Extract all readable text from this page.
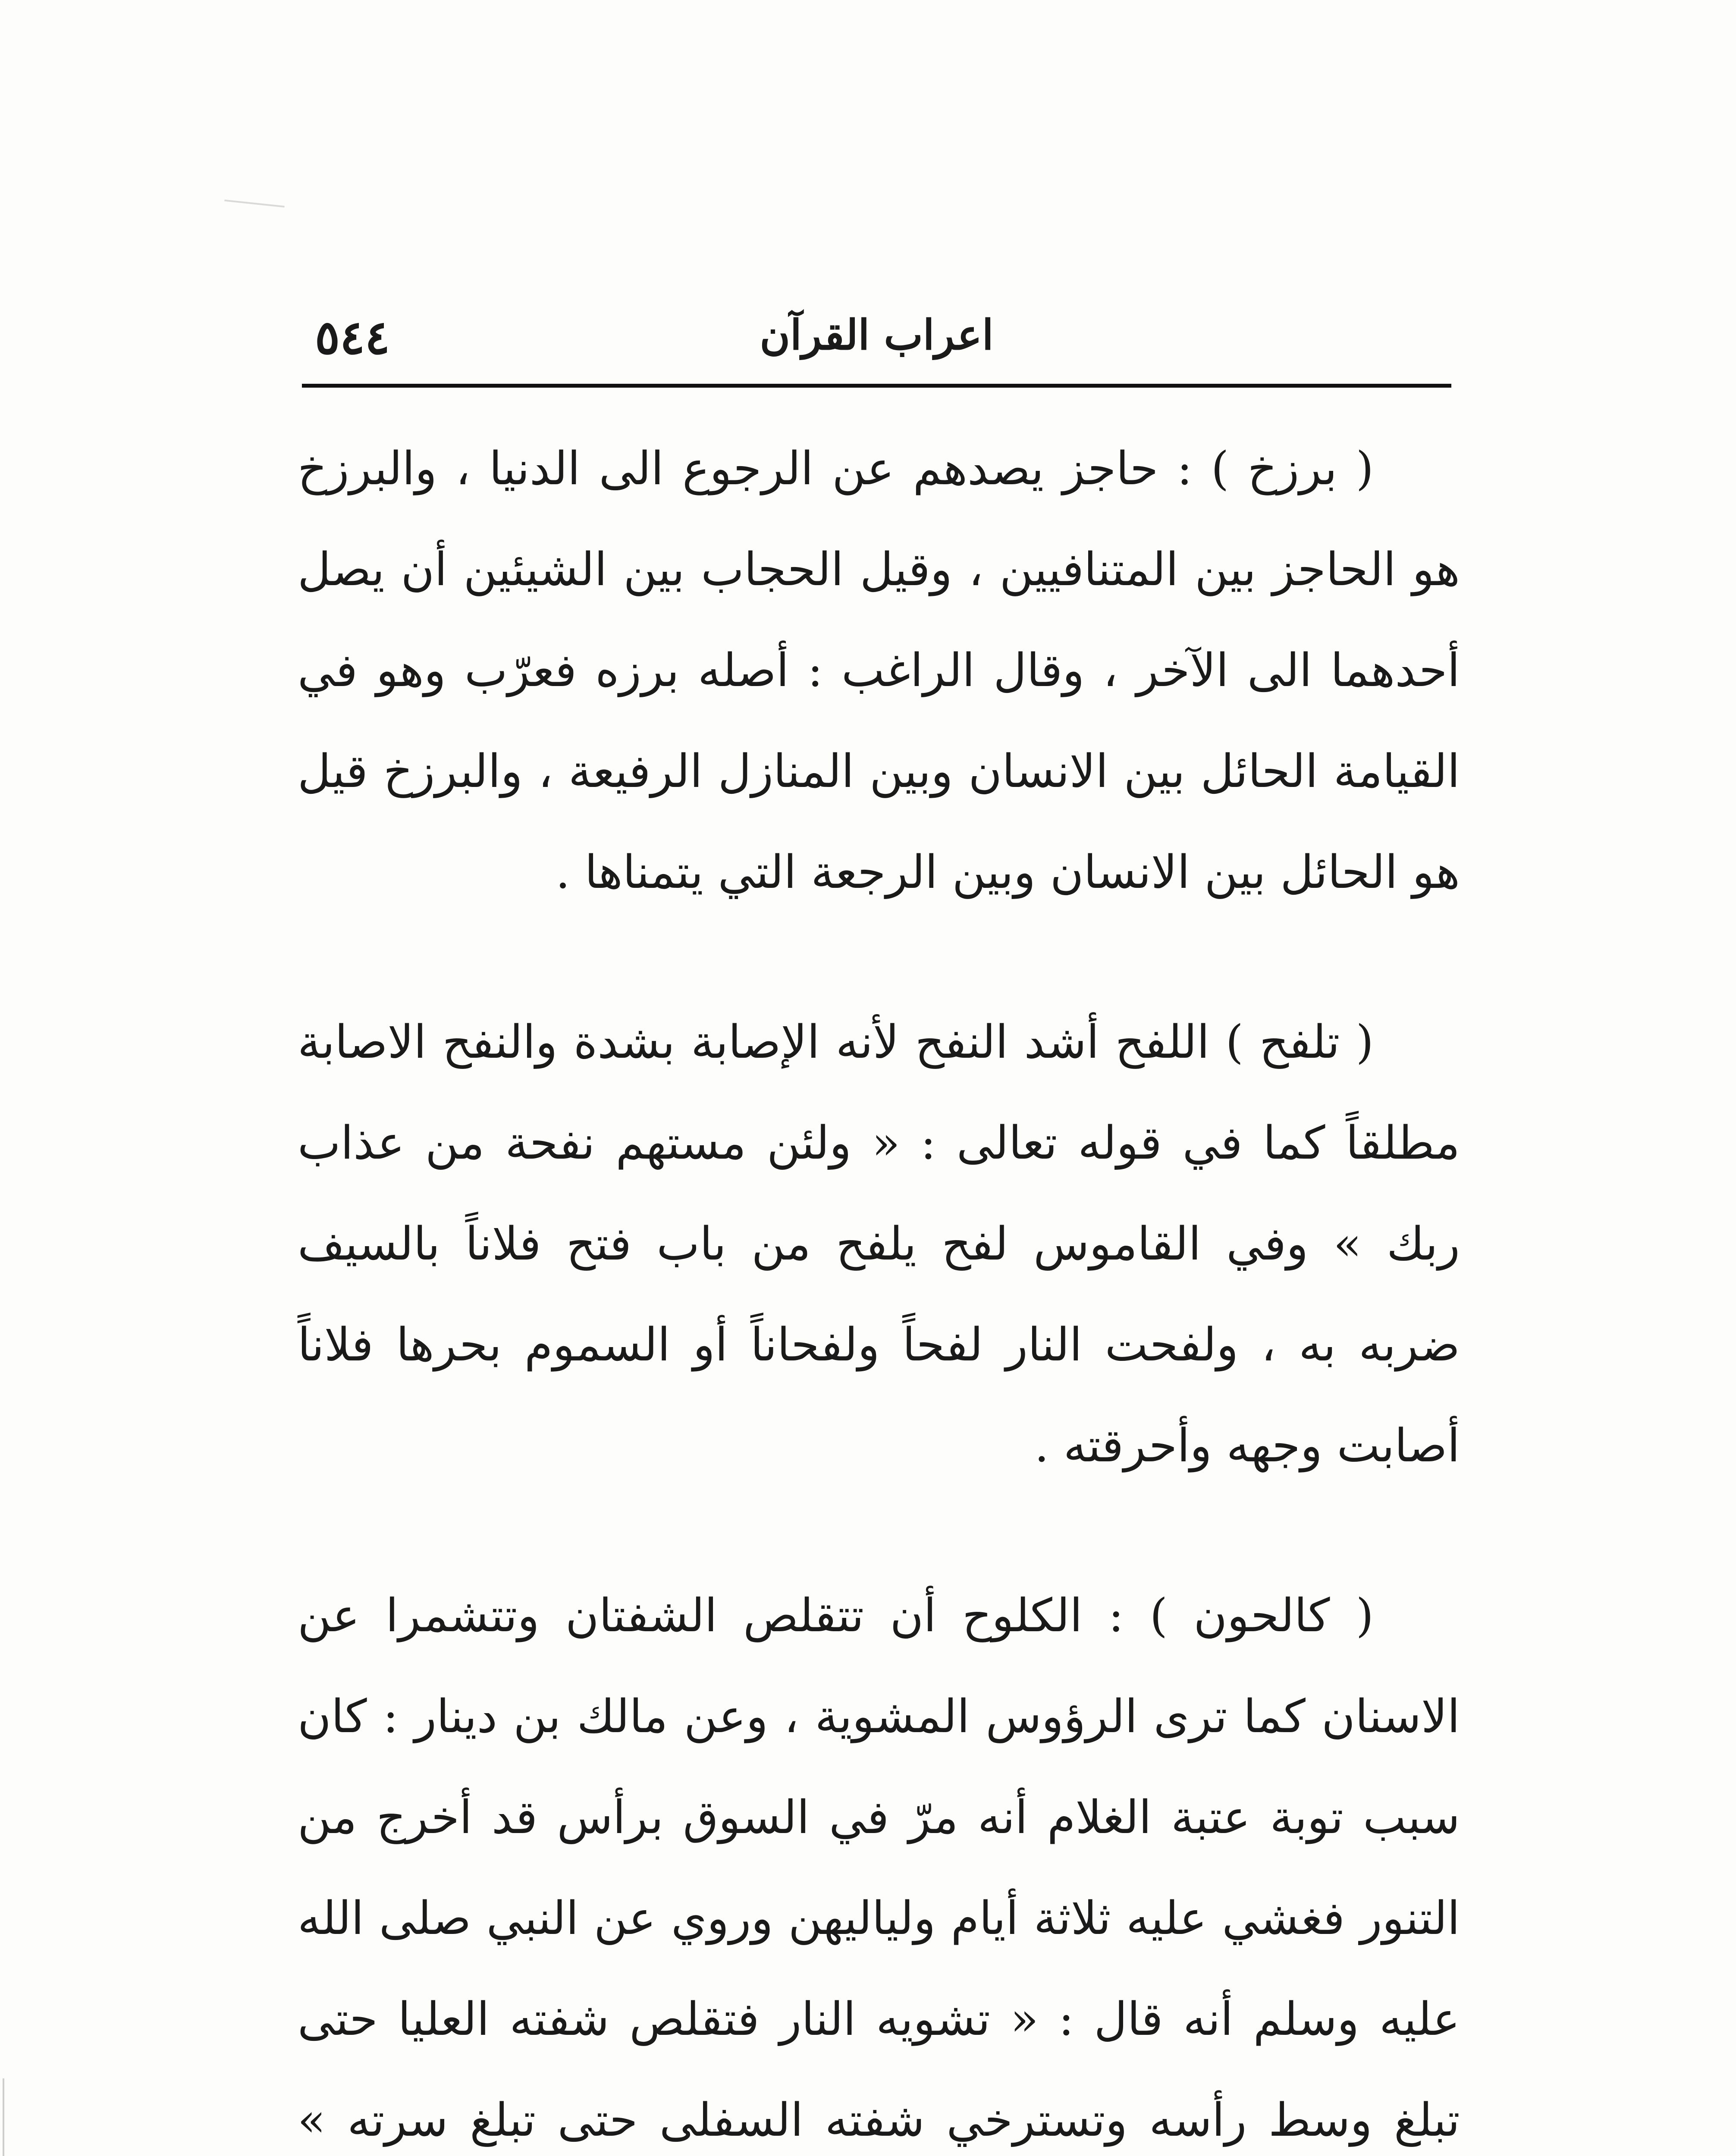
اعراب القرآن
٥٤٤

( برزخ ) : حاجز يصدهم عن الرجوع الى الدنيا ، والبرزخ هو الحاجز بين المتنافيين ، وقيل الحجاب بين الشيئين أن يصل أحدهما الى الآخر ، وقال الراغب : أصله برزه فعرّب وهو في القيامة الحائل بين الانسان وبين المنازل الرفيعة ، والبرزخ قيل هو الحائل بين الانسان وبين الرجعة التي يتمناها .

( تلفح ) اللفح أشد النفح لأنه الإصابة بشدة والنفح الاصابة مطلقاً كما في قوله تعالى : « ولئن مستهم نفحة من عذاب ربك » وفي القاموس لفح يلفح من باب فتح فلاناً بالسيف ضربه به ، ولفحت النار لفحاً ولفحاناً أو السموم بحرها فلاناً أصابت وجهه وأحرقته .

( كالحون ) : الكلوح أن تتقلص الشفتان وتتشمرا عن الاسنان كما ترى الرؤوس المشوية ، وعن مالك بن دينار : كان سبب توبة عتبة الغلام أنه مرّ في السوق برأس قد أخرج من التنور فغشي عليه ثلاثة أيام ولياليهن وروي عن النبي صلى الله عليه وسلم أنه قال : « تشويه النار فتقلص شفته العليا حتى تبلغ وسط رأسه وتسترخي شفته السفلى حتى تبلغ سرته »
